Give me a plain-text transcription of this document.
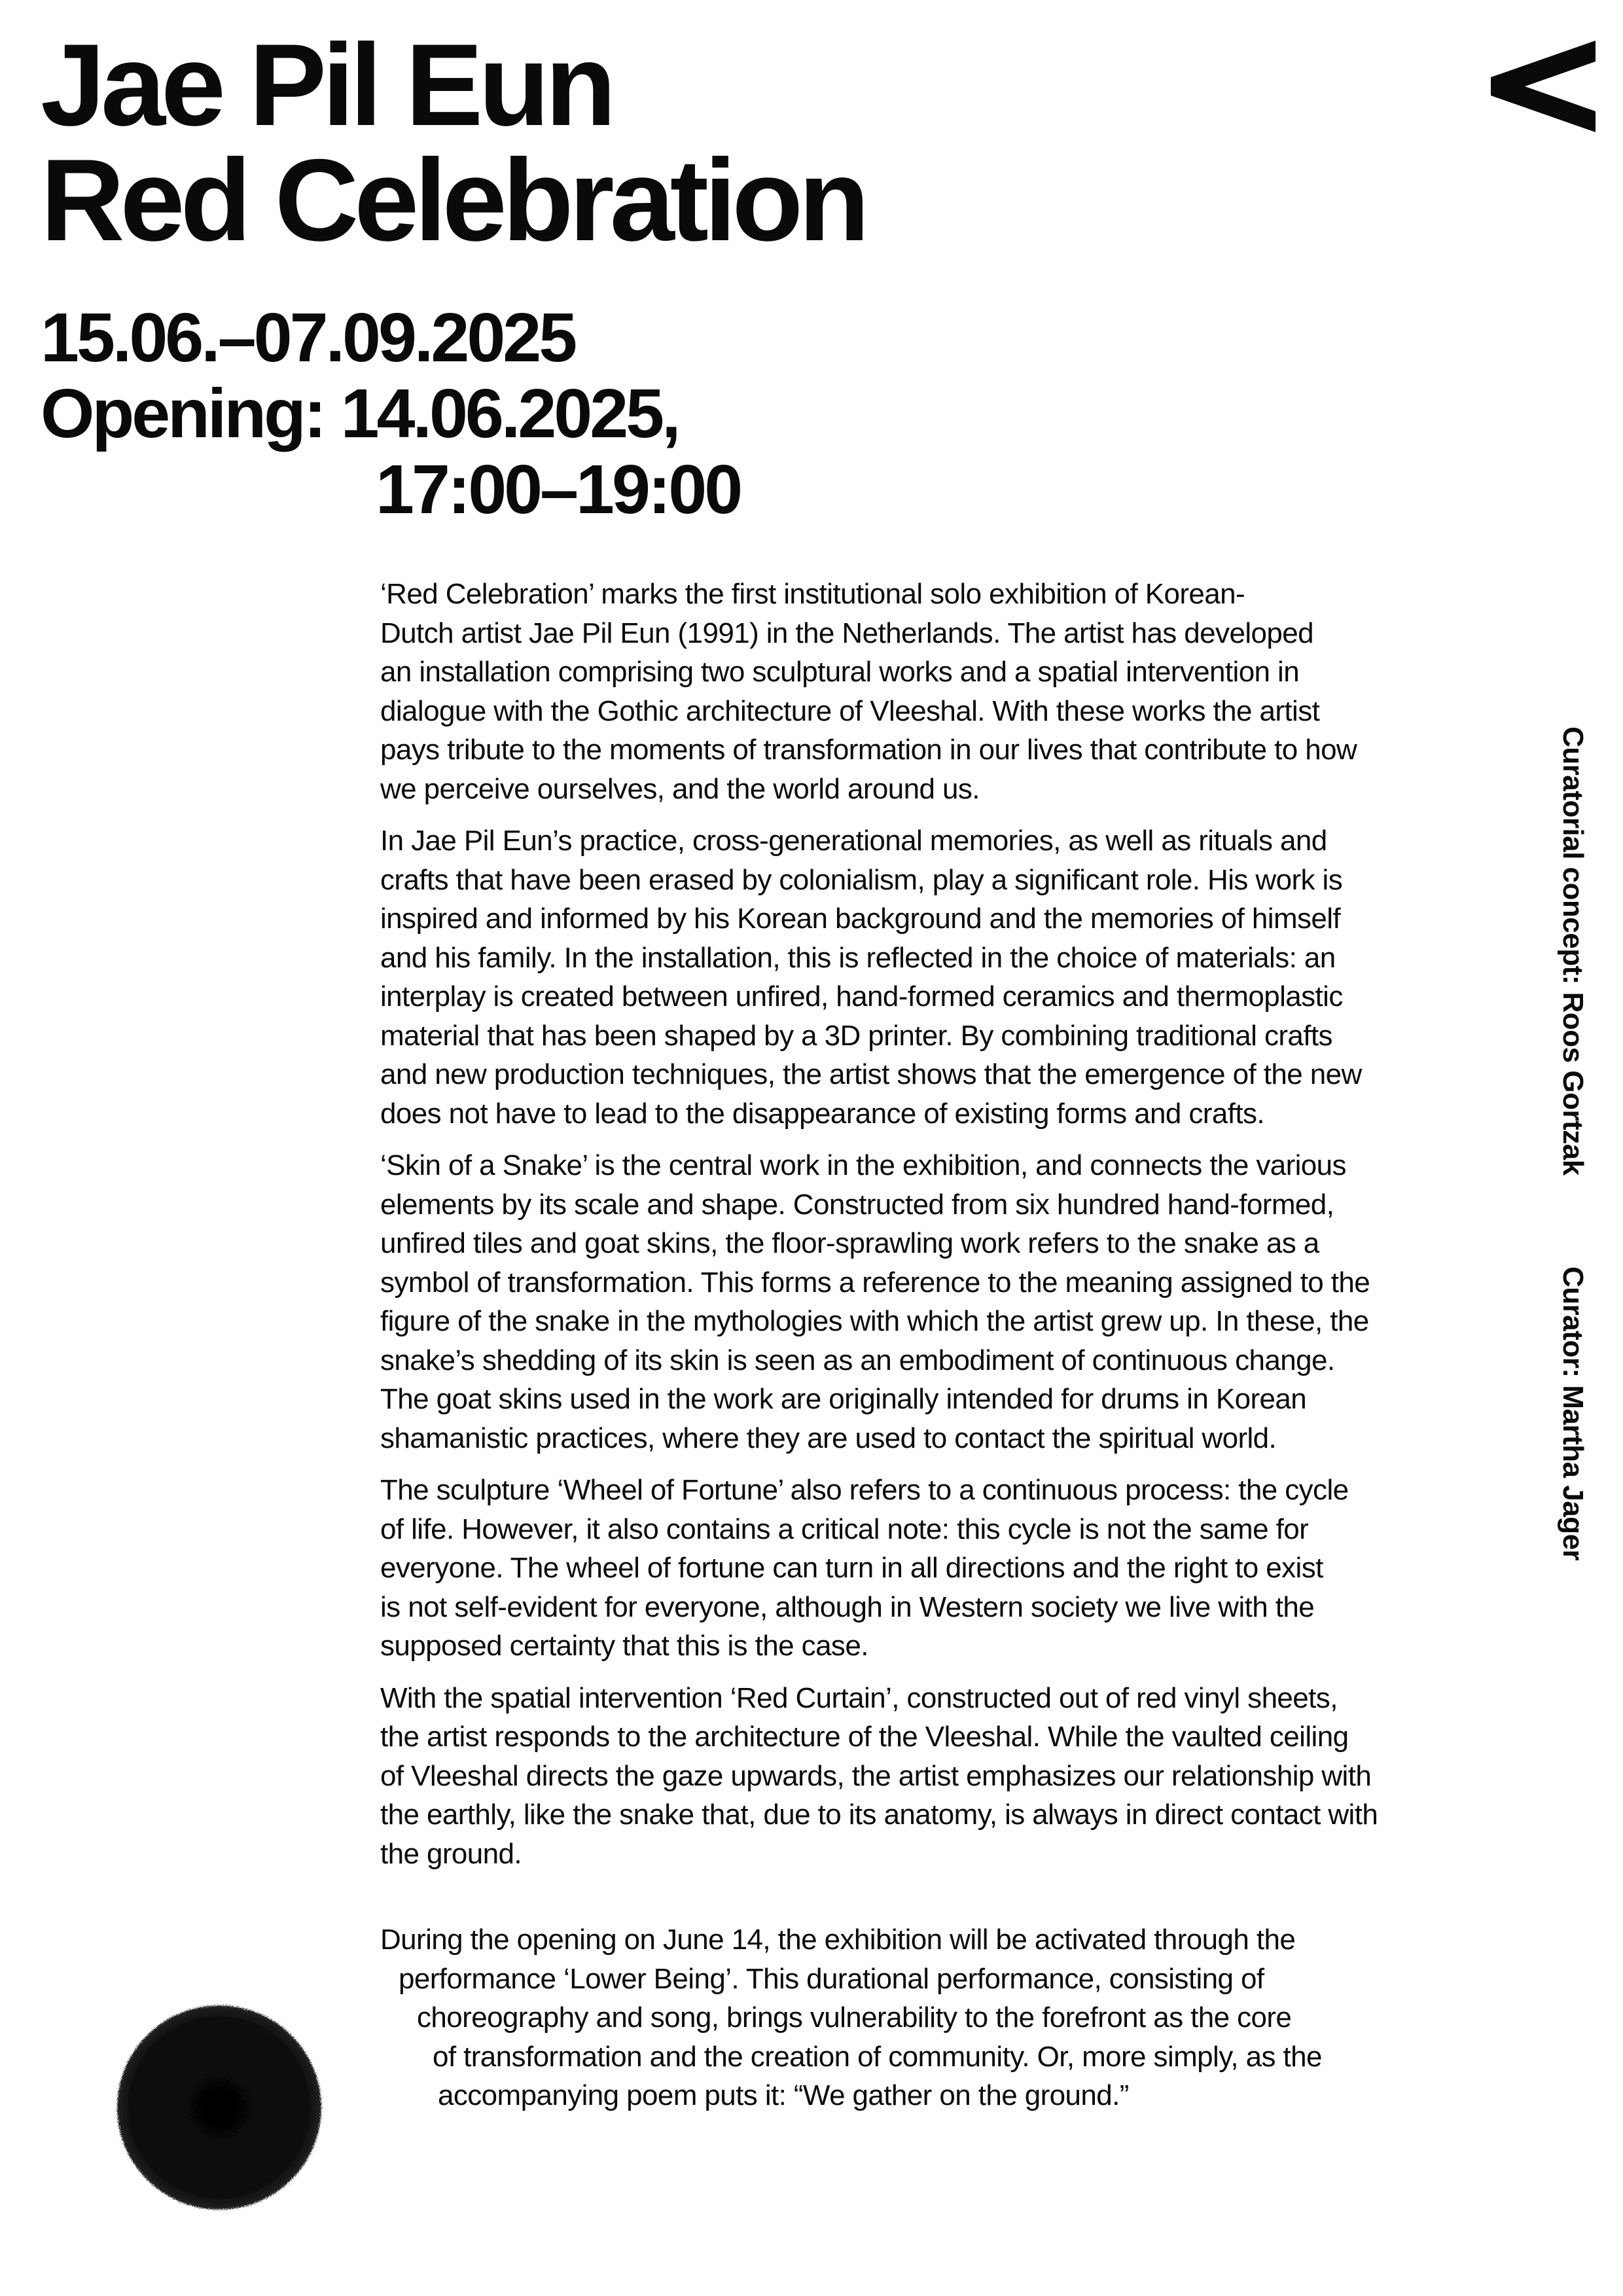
Jae Pil Eun
Red Celebration
15.06.–07.09.2025
Opening: 14.06.2025,
17:00–19:00

‘Red Celebration’ marks the first institutional solo exhibition of Korean-
Dutch artist Jae Pil Eun (1991) in the Netherlands. The artist has developed
an installation comprising two sculptural works and a spatial intervention in
dialogue with the Gothic architecture of Vleeshal. With these works the artist
pays tribute to the moments of transformation in our lives that contribute to how
we perceive ourselves, and the world around us.

In Jae Pil Eun’s practice, cross-generational memories, as well as rituals and
crafts that have been erased by colonialism, play a significant role. His work is
inspired and informed by his Korean background and the memories of himself
and his family. In the installation, this is reflected in the choice of materials: an
interplay is created between unfired, hand-formed ceramics and thermoplastic
material that has been shaped by a 3D printer. By combining traditional crafts
and new production techniques, the artist shows that the emergence of the new
does not have to lead to the disappearance of existing forms and crafts.

‘Skin of a Snake’ is the central work in the exhibition, and connects the various
elements by its scale and shape. Constructed from six hundred hand-formed,
unfired tiles and goat skins, the floor-sprawling work refers to the snake as a
symbol of transformation. This forms a reference to the meaning assigned to the
figure of the snake in the mythologies with which the artist grew up. In these, the
snake’s shedding of its skin is seen as an embodiment of continuous change.
The goat skins used in the work are originally intended for drums in Korean
shamanistic practices, where they are used to contact the spiritual world.

The sculpture ‘Wheel of Fortune’ also refers to a continuous process: the cycle
of life. However, it also contains a critical note: this cycle is not the same for
everyone. The wheel of fortune can turn in all directions and the right to exist
is not self-evident for everyone, although in Western society we live with the
supposed certainty that this is the case.

With the spatial intervention ‘Red Curtain’, constructed out of red vinyl sheets,
the artist responds to the architecture of the Vleeshal. While the vaulted ceiling
of Vleeshal directs the gaze upwards, the artist emphasizes our relationship with
the earthly, like the snake that, due to its anatomy, is always in direct contact with
the ground.

During the opening on June 14, the exhibition will be activated through the
performance ‘Lower Being’. This durational performance, consisting of
choreography and song, brings vulnerability to the forefront as the core
of transformation and the creation of community. Or, more simply, as the
accompanying poem puts it: “We gather on the ground.”

Curatorial concept: Roos Gortzak
Curator: Martha Jager
